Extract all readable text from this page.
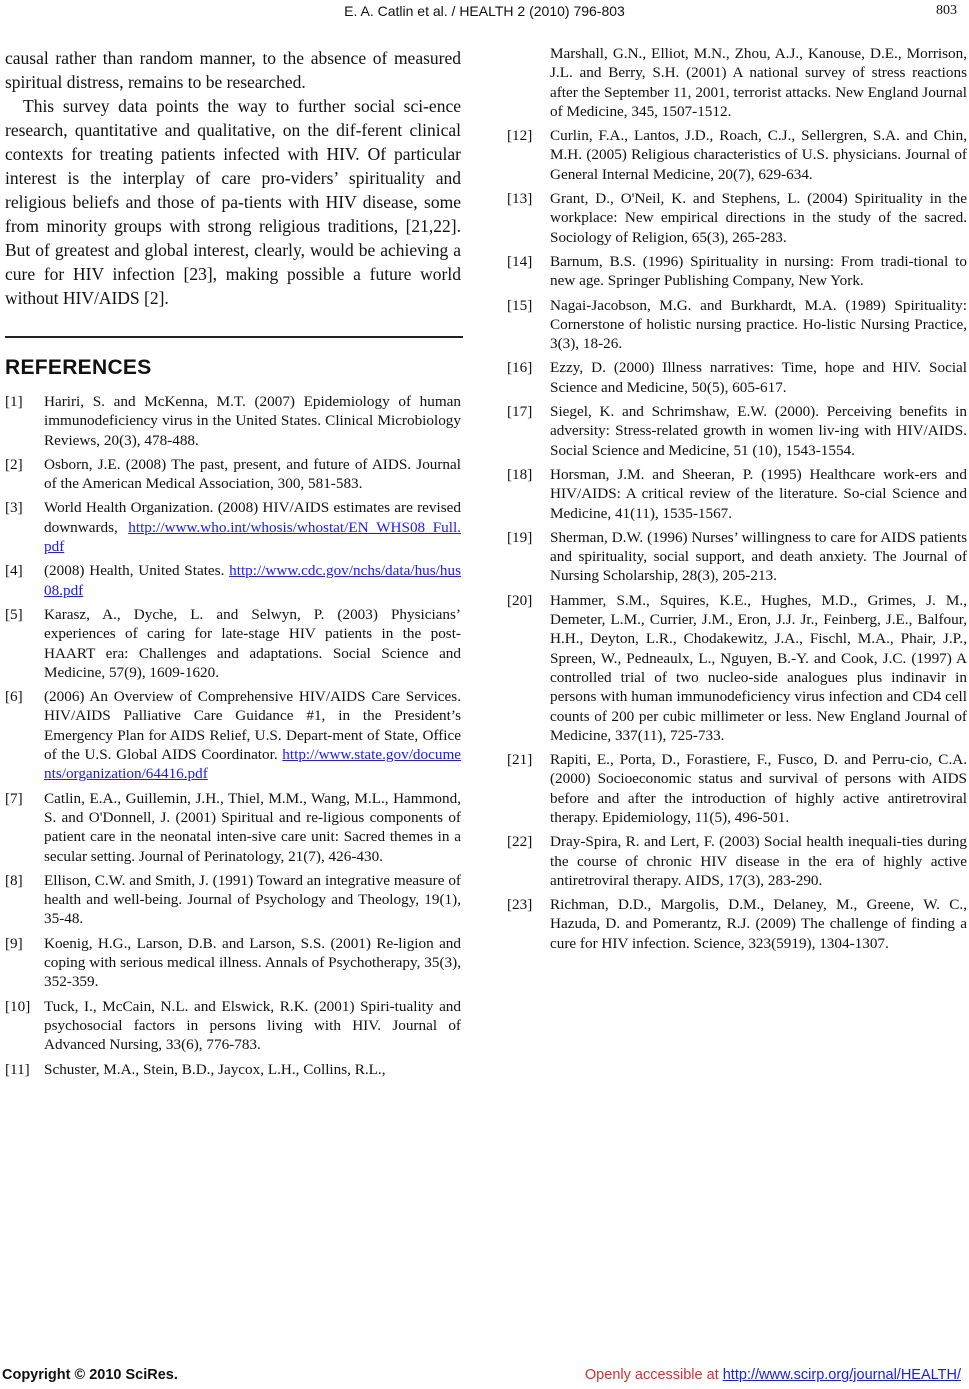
E. A. Catlin et al. / HEALTH 2 (2010) 796-803	803

causal rather than random manner, to the absence of measured spiritual distress, remains to be researched.

This survey data points the way to further social sci-ence research, quantitative and qualitative, on the dif-ferent clinical contexts for treating patients infected with HIV. Of particular interest is the interplay of care pro-viders’ spirituality and religious beliefs and those of pa-tients with HIV disease, some from minority groups with strong religious traditions, [21,22]. But of greatest and global interest, clearly, would be achieving a cure for HIV infection [23], making possible a future world without HIV/AIDS [2].

REFERENCES
[1] Hariri, S. and McKenna, M.T. (2007) Epidemiology of human immunodeficiency virus in the United States. Clinical Microbiology Reviews, 20(3), 478-488.
[2] Osborn, J.E. (2008) The past, present, and future of AIDS. Journal of the American Medical Association, 300, 581-583.
[3] World Health Organization. (2008) HIV/AIDS estimates are revised downwards, http://www.who.int/whosis/whostat/EN_WHS08_Full.pdf
[4] (2008) Health, United States. http://www.cdc.gov/nchs/data/hus/hus08.pdf
[5] Karasz, A., Dyche, L. and Selwyn, P. (2003) Physicians’ experiences of caring for late-stage HIV patients in the post-HAART era: Challenges and adaptations. Social Science and Medicine, 57(9), 1609-1620.
[6] (2006) An Overview of Comprehensive HIV/AIDS Care Services. HIV/AIDS Palliative Care Guidance #1, in the President’s Emergency Plan for AIDS Relief, U.S. Depart-ment of State, Office of the U.S. Global AIDS Coordinator. http://www.state.gov/documents/organization/64416.pdf
[7] Catlin, E.A., Guillemin, J.H., Thiel, M.M., Wang, M.L., Hammond, S. and O'Donnell, J. (2001) Spiritual and re-ligious components of patient care in the neonatal inten-sive care unit: Sacred themes in a secular setting. Journal of Perinatology, 21(7), 426-430.
[8] Ellison, C.W. and Smith, J. (1991) Toward an integrative measure of health and well-being. Journal of Psychology and Theology, 19(1), 35-48.
[9] Koenig, H.G., Larson, D.B. and Larson, S.S. (2001) Re-ligion and coping with serious medical illness. Annals of Psychotherapy, 35(3), 352-359.
[10] Tuck, I., McCain, N.L. and Elswick, R.K. (2001) Spiri-tuality and psychosocial factors in persons living with HIV. Journal of Advanced Nursing, 33(6), 776-783.
[11] Schuster, M.A., Stein, B.D., Jaycox, L.H., Collins, R.L.,
Marshall, G.N., Elliot, M.N., Zhou, A.J., Kanouse, D.E., Morrison, J.L. and Berry, S.H. (2001) A national survey of stress reactions after the September 11, 2001, terrorist attacks. New England Journal of Medicine, 345, 1507-1512.
[12] Curlin, F.A., Lantos, J.D., Roach, C.J., Sellergren, S.A. and Chin, M.H. (2005) Religious characteristics of U.S. physicians. Journal of General Internal Medicine, 20(7), 629-634.
[13] Grant, D., O'Neil, K. and Stephens, L. (2004) Spirituality in the workplace: New empirical directions in the study of the sacred. Sociology of Religion, 65(3), 265-283.
[14] Barnum, B.S. (1996) Spirituality in nursing: From tradi-tional to new age. Springer Publishing Company, New York.
[15] Nagai-Jacobson, M.G. and Burkhardt, M.A. (1989) Spirituality: Cornerstone of holistic nursing practice. Ho-listic Nursing Practice, 3(3), 18-26.
[16] Ezzy, D. (2000) Illness narratives: Time, hope and HIV. Social Science and Medicine, 50(5), 605-617.
[17] Siegel, K. and Schrimshaw, E.W. (2000). Perceiving benefits in adversity: Stress-related growth in women liv-ing with HIV/AIDS. Social Science and Medicine, 51 (10), 1543-1554.
[18] Horsman, J.M. and Sheeran, P. (1995) Healthcare work-ers and HIV/AIDS: A critical review of the literature. So-cial Science and Medicine, 41(11), 1535-1567.
[19] Sherman, D.W. (1996) Nurses’ willingness to care for AIDS patients and spirituality, social support, and death anxiety. The Journal of Nursing Scholarship, 28(3), 205-213.
[20] Hammer, S.M., Squires, K.E., Hughes, M.D., Grimes, J. M., Demeter, L.M., Currier, J.M., Eron, J.J. Jr., Feinberg, J.E., Balfour, H.H., Deyton, L.R., Chodakewitz, J.A., Fischl, M.A., Phair, J.P., Spreen, W., Pedneaulx, L., Nguyen, B.-Y. and Cook, J.C. (1997) A controlled trial of two nucleo-side analogues plus indinavir in persons with human immunodeficiency virus infection and CD4 cell counts of 200 per cubic millimeter or less. New England Journal of Medicine, 337(11), 725-733.
[21] Rapiti, E., Porta, D., Forastiere, F., Fusco, D. and Perru-cio, C.A. (2000) Socioeconomic status and survival of persons with AIDS before and after the introduction of highly active antiretroviral therapy. Epidemiology, 11(5), 496-501.
[22] Dray-Spira, R. and Lert, F. (2003) Social health inequali-ties during the course of chronic HIV disease in the era of highly active antiretroviral therapy. AIDS, 17(3), 283-290.
[23] Richman, D.D., Margolis, D.M., Delaney, M., Greene, W. C., Hazuda, D. and Pomerantz, R.J. (2009) The challenge of finding a cure for HIV infection. Science, 323(5919), 1304-1307.
Copyright © 2010 SciRes.	Openly accessible at http://www.scirp.org/journal/HEALTH/
